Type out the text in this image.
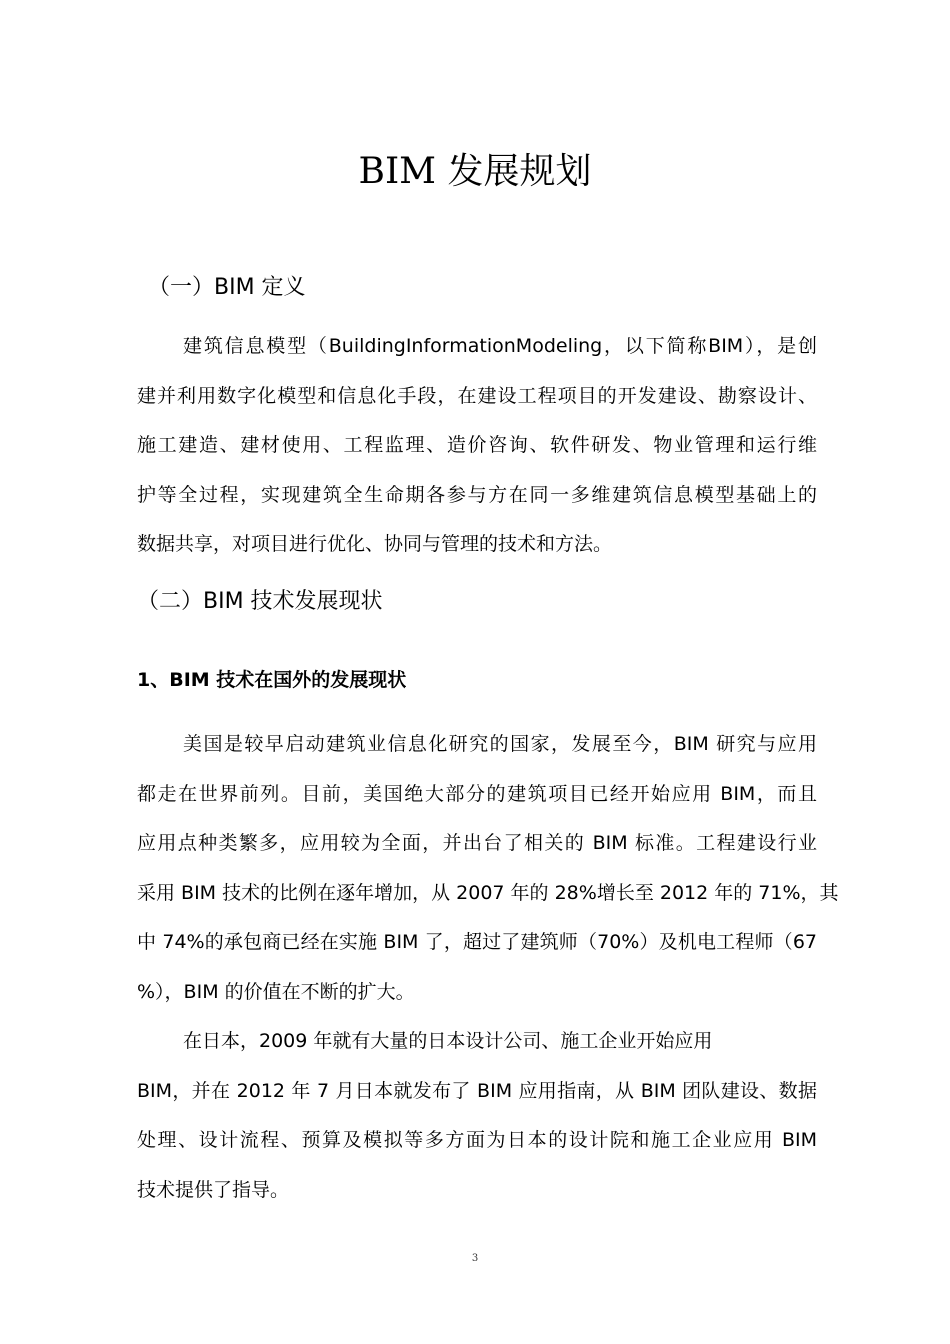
BIM 发展规划
（一）BIM 定义
建筑信息模型（BuildingInformationModeling，以下简称BIM），是创
建并利用数字化模型和信息化手段，在建设工程项目的开发建设、勘察设计、
施工建造、建材使用、工程监理、造价咨询、软件研发、物业管理和运行维
护等全过程，实现建筑全生命期各参与方在同一多维建筑信息模型基础上的
数据共享，对项目进行优化、协同与管理的技术和方法。
（二）BIM 技术发展现状
1、BIM 技术在国外的发展现状
美国是较早启动建筑业信息化研究的国家，发展至今，BIM 研究与应用
都走在世界前列。目前，美国绝大部分的建筑项目已经开始应用 BIM，而且
应用点种类繁多，应用较为全面，并出台了相关的 BIM 标准。工程建设行业
采用 BIM 技术的比例在逐年增加，从 2007 年的 28%增长至 2012 年的 71%，其
中 74%的承包商已经在实施 BIM 了，超过了建筑师（70%）及机电工程师（67
%），BIM 的价值在不断的扩大。
在日本，2009 年就有大量的日本设计公司、施工企业开始应用
BIM，并在 2012 年 7 月日本就发布了 BIM 应用指南，从 BIM 团队建设、数据
处理、设计流程、预算及模拟等多方面为日本的设计院和施工企业应用 BIM
技术提供了指导。
3
